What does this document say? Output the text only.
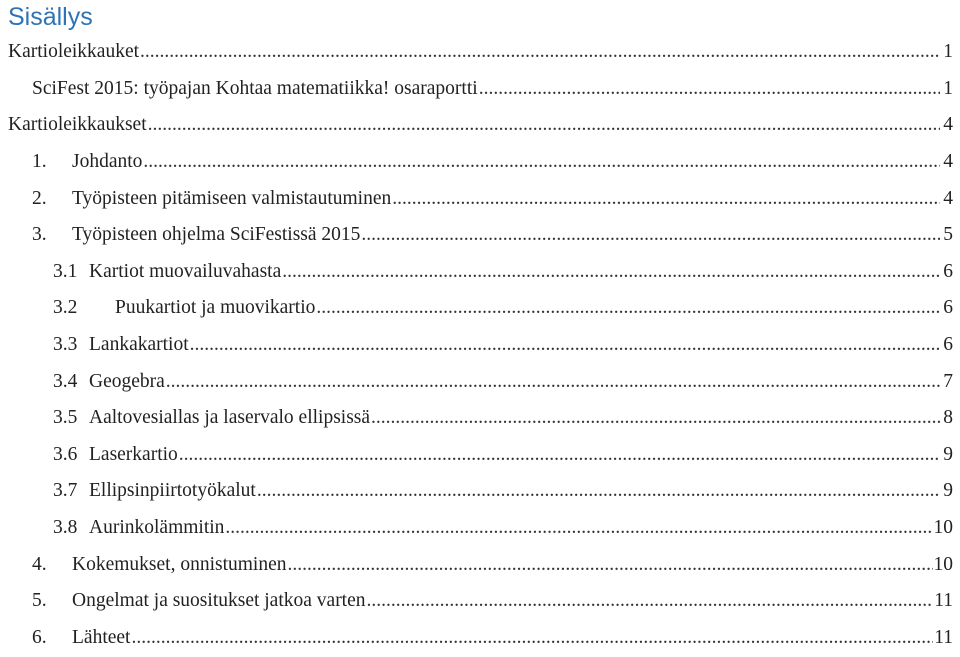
Sisällys
Kartioleikkauket .....	1
SciFest 2015: työpajan Kohtaa matematiikka! osaraportti .....	1
Kartioleikkaukset .....	4
1.	Johdanto .....	4
2.	Työpisteen pitämiseen valmistautuminen .....	4
3.	Työpisteen ohjelma SciFestissä 2015 .....	5
3.1 Kartiot muovailuvahasta .....	6
3.2	Puukartiot ja muovikartio .....	6
3.3 Lankakartiot .....	6
3.4 Geogebra .....	7
3.5 Aaltovesiallas ja laservalo ellipsissä .....	8
3.6 Laserkartio .....	9
3.7 Ellipsinpiirtotyökalut .....	9
3.8 Aurinkolämmitin .....	10
4.	Kokemukset, onnistuminen .....	10
5.	Ongelmat ja suositukset jatkoa varten .....	11
6.	Lähteet .....	11
